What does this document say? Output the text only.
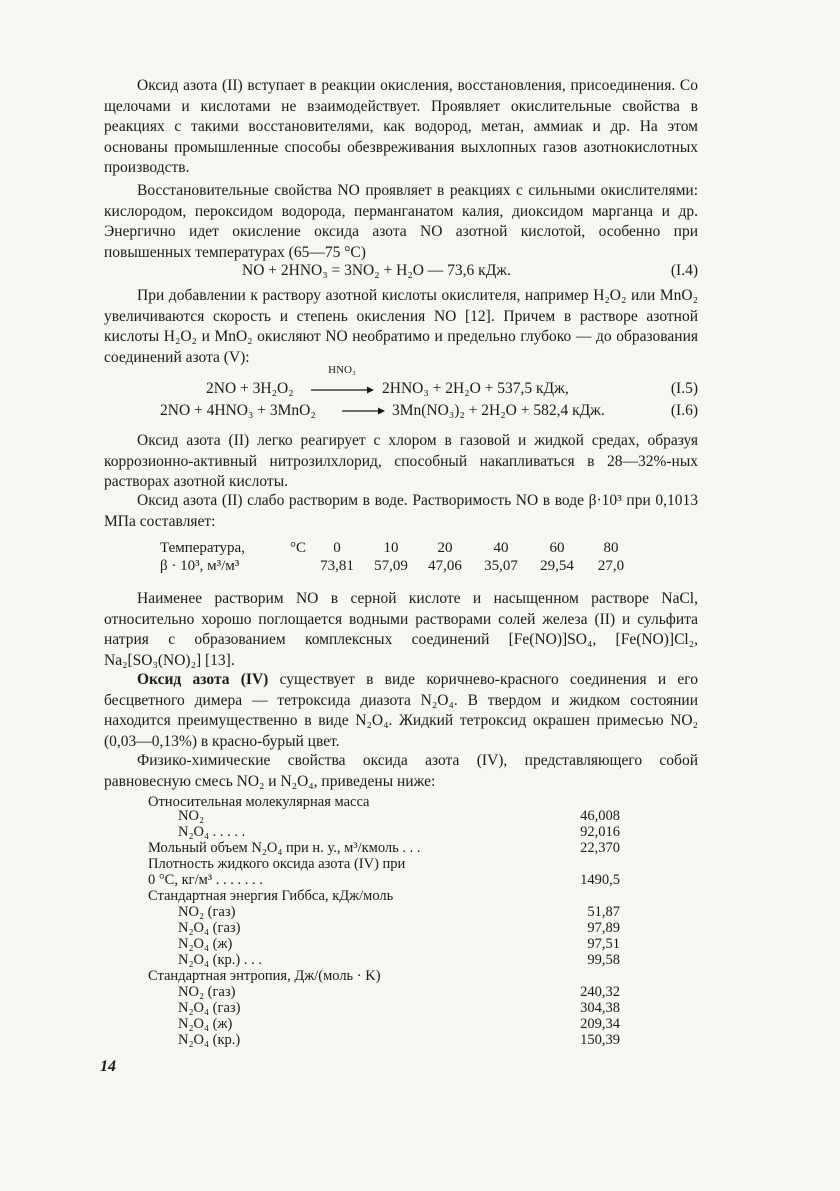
Оксид азота (II) вступает в реакции окисления, восстановления, присоединения. Со щелочами и кислотами не взаимодействует. Проявляет окислительные свойства в реакциях с такими восстановителями, как водород, метан, аммиак и др. На этом основаны промышленные способы обезвреживания выхлопных газов азотнокислотных производств.

Восстановительные свойства NO проявляет в реакциях с сильными окислителями: кислородом, пероксидом водорода, перманганатом калия, диоксидом марганца и др. Энергично идет окисление оксида азота NO азотной кислотой, особенно при повышенных температурах (65—75 °C)

NO + 2HNO₃ = 3NO₂ + H₂O — 73,6 кДж.	(I.4)

При добавлении к раствору азотной кислоты окислителя, например H₂O₂ или MnO₂ увеличиваются скорость и степень окисления NO [12]. Причем в растворе азотной кислоты H₂O₂ и MnO₂ окисляют NO необратимо и предельно глубоко — до образования соединений азота (V):

2NO + 3H₂O₂
HNO₃
2HNO₃ + 2H₂O + 537,5 кДж,	(I.5)
2NO + 4HNO₃ + 3MnO₂ → 3Mn(NO₃)₂ + 2H₂O + 582,4 кДж.	(I.6)

Оксид азота (II) легко реагирует с хлором в газовой и жидкой средах, образуя коррозионно-активный нитрозилхлорид, способный накапливаться в 28—32%-ных растворах азотной кислоты.

Оксид азота (II) слабо растворим в воде. Растворимость NO в воде β·10³ при 0,1013 МПа составляет:

Температура,	°C	0	10	20	40	60	80
β · 10³, м³/м³	73,81	57,09	47,06	35,07	29,54	27,0

Наименее растворим NO в серной кислоте и насыщенном растворе NaCl, относительно хорошо поглощается водными растворами солей железа (II) и сульфита натрия с образованием комплексных соединений [Fe(NO)]SO₄, [Fe(NO)]Cl₂, Na₂[SO₃(NO)₂] [13].

Оксид азота (IV) существует в виде коричнево-красного соединения и его бесцветного димера — тетроксида диазота N₂O₄. В твердом и жидком состоянии находится преимущественно в виде N₂O₄. Жидкий тетроксид окрашен примесью NO₂ (0,03—0,13%) в красно-бурый цвет.

Физико-химические свойства оксида азота (IV), представляющего собой равновесную смесь NO₂ и N₂O₄, приведены ниже:

Относительная молекулярная масса
NO₂	46,008
N₂O₄ . . . . .	92,016
Мольный объем N₂O₄ при н. у., м³/кмоль . . .	22,370
Плотность жидкого оксида азота (IV) при
0 °C, кг/м³ . . . . . . .	1490,5
Стандартная энергия Гиббса, кДж/моль
NO₂ (газ)	51,87
N₂O₄ (газ)	97,89
N₂O₄ (ж)	97,51
N₂O₄ (кр.) . . .	99,58
Стандартная энтропия, Дж/(моль · K)
NO₂ (газ)	240,32
N₂O₄ (газ)	304,38
N₂O₄ (ж)	209,34
N₂O₄ (кр.)	150,39
14
